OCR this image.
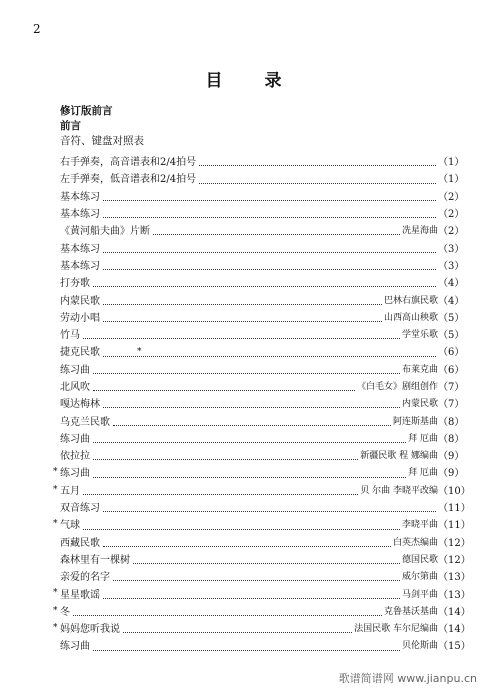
2
目 录
修订版前言
前言
音符、键盘对照表
右手弹奏，高音谱表和2/4拍号	（1）
左手弹奏，低音谱表和2/4拍号	（1）
基本练习	（2）
基本练习	（2）
《黄河船夫曲》片断	冼星海曲 （2）
基本练习	（3）
基本练习	（3）
打夯歌	（4）
内蒙民歌	巴林右旗民歌 （4）
劳动小唱	山西高山秧歌 （5）
竹马	学堂乐歌 （5）
捷克民歌	（6）
练习曲	布莱克曲 （6）
北风吹	《白毛女》剧组创作 （7）
嘎达梅林	内蒙民歌 （7）
乌克兰民歌	阿连斯基曲 （8）
练习曲	拜 厄曲 （8）
依拉拉	新疆民歌 程 娜编曲 （9）
* 练习曲	拜 厄曲 （9）
* 五月	贝 尔曲 李晓平改编 （10）
双音练习	（11）
* 气球	李晓平曲 （11）
西藏民歌	白英杰编曲 （12）
森林里有一棵树	德国民歌 （12）
亲爱的名字	威尔第曲 （13）
* 星星歌谣	马剑平曲 （13）
* 冬	克鲁基沃基曲 （14）
* 妈妈您听我说	法国民歌 车尔尼编曲 （14）
练习曲	贝伦斯曲 （15）
*
歌谱简谱网 www.jianpu.cn
